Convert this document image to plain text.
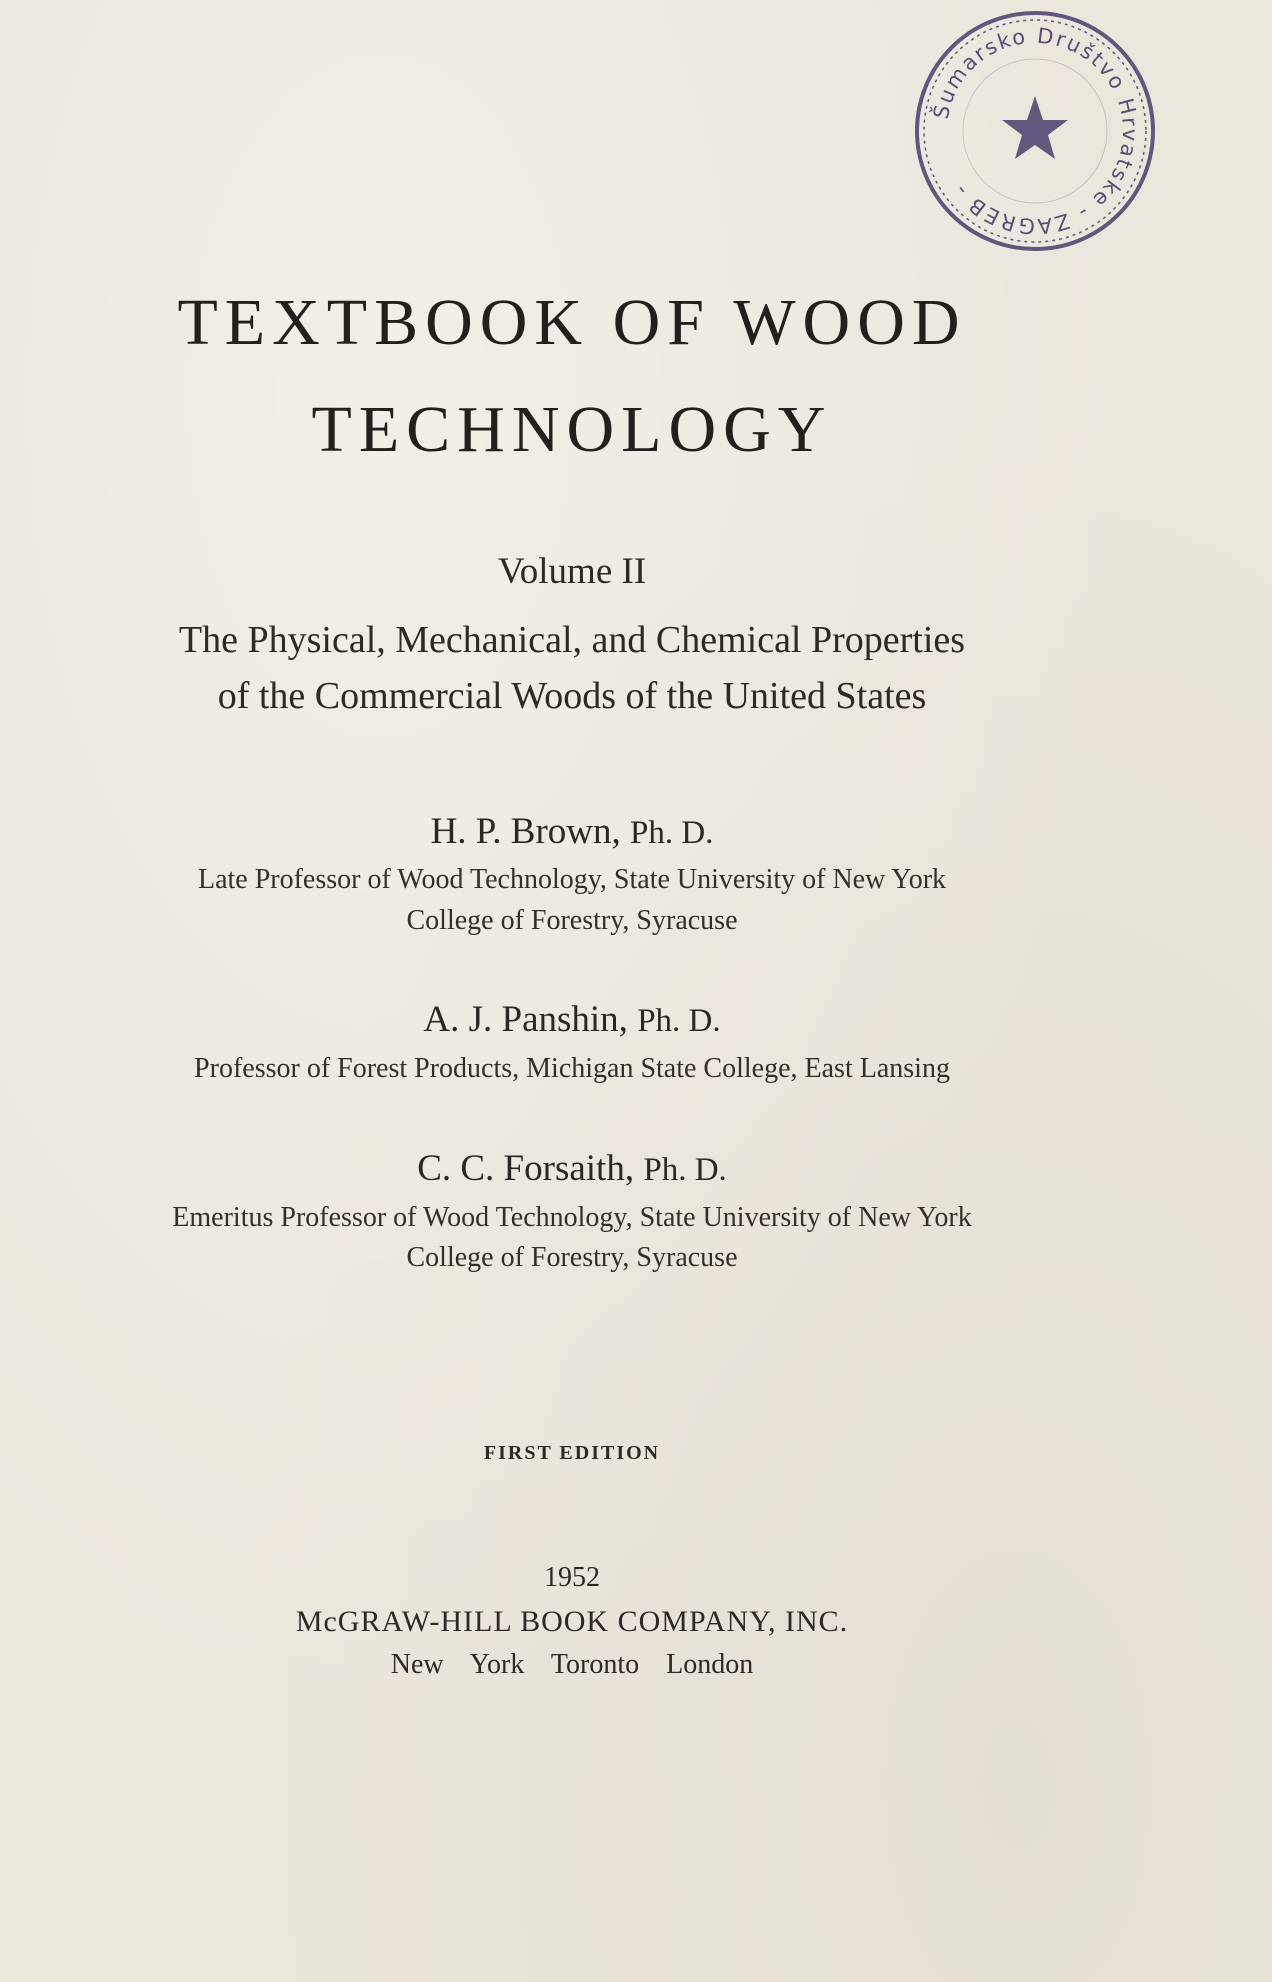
Šumarsko Društvo Hrvatske - ZAGREB -
TEXTBOOK OF WOOD
TECHNOLOGY
Volume II
The Physical, Mechanical, and Chemical Properties
of the Commercial Woods of the United States
H. P. Brown, Ph. D.
Late Professor of Wood Technology, State University of New York
College of Forestry, Syracuse
A. J. Panshin, Ph. D.
Professor of Forest Products, Michigan State College, East Lansing
C. C. Forsaith, Ph. D.
Emeritus Professor of Wood Technology, State University of New York
College of Forestry, Syracuse
FIRST EDITION
1952
McGRAW-HILL BOOK COMPANY, INC.
New York Toronto London
